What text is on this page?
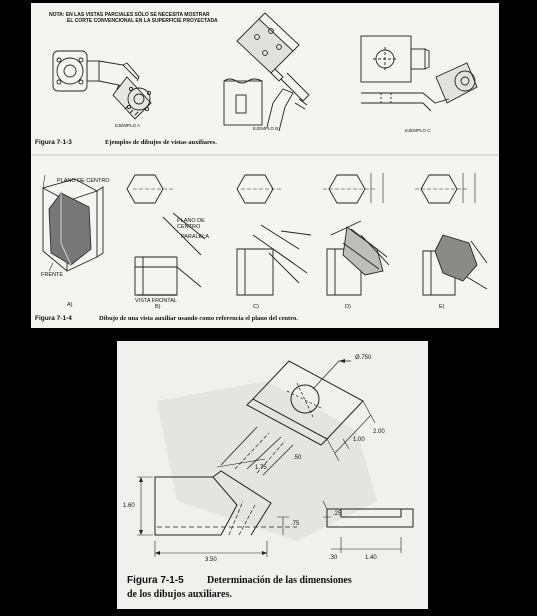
NOTA: EN LAS VISTAS PARCIALES SÓLO SE NECESITA MOSTRAR
EL CORTE CONVENCIONAL EN LA SUPERFICIE PROYECTADA
EJEMPLO A
EJEMPLO B	EJEMPLO C
Figura 7-1-3	Ejemplos de dibujos de vistas auxiliares.
PLANO DE CENTRO
FRENTE
PLANO DE
CENTRO
PARALELA
VISTA FRONTAL
A)	B)	C)	D)	E)
Figura 7-1-4	Dibujo de una vista auxiliar usando como referencia el plano del centro.
Ø.750
2.00
1.00
.50
1.75
1.60
.75
3.50
.25
.30	1.40
Figura 7-1-5 Determinación de las dimensiones
de los dibujos auxiliares.
